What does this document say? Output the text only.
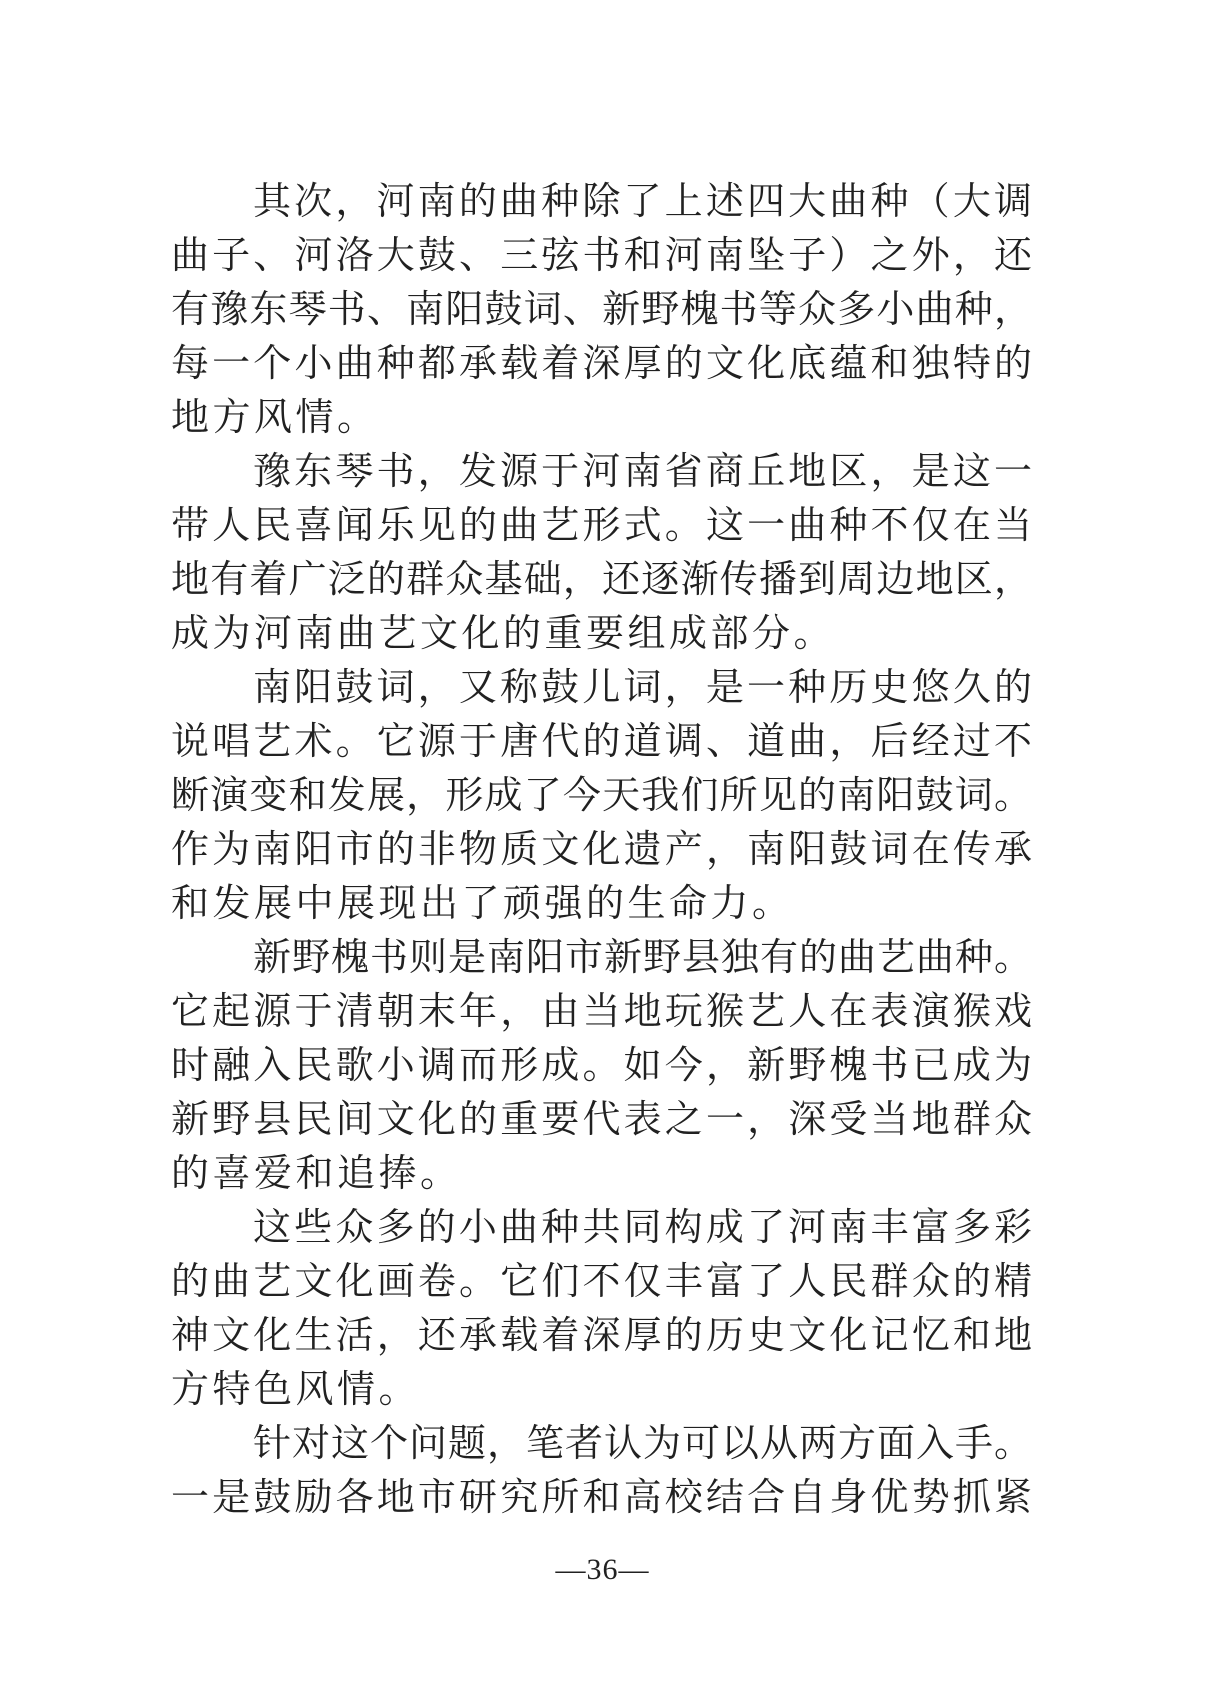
其次，河南的曲种除了上述四大曲种（大调
曲子、河洛大鼓、三弦书和河南坠子）之外，还
有豫东琴书、南阳鼓词、新野槐书等众多小曲种，
每一个小曲种都承载着深厚的文化底蕴和独特的
地方风情。
豫东琴书，发源于河南省商丘地区，是这一
带人民喜闻乐见的曲艺形式。这一曲种不仅在当
地有着广泛的群众基础，还逐渐传播到周边地区，
成为河南曲艺文化的重要组成部分。
南阳鼓词，又称鼓儿词，是一种历史悠久的
说唱艺术。它源于唐代的道调、道曲，后经过不
断演变和发展，形成了今天我们所见的南阳鼓词。
作为南阳市的非物质文化遗产，南阳鼓词在传承
和发展中展现出了顽强的生命力。
新野槐书则是南阳市新野县独有的曲艺曲种。
它起源于清朝末年，由当地玩猴艺人在表演猴戏
时融入民歌小调而形成。如今，新野槐书已成为
新野县民间文化的重要代表之一，深受当地群众
的喜爱和追捧。
这些众多的小曲种共同构成了河南丰富多彩
的曲艺文化画卷。它们不仅丰富了人民群众的精
神文化生活，还承载着深厚的历史文化记忆和地
方特色风情。
针对这个问题，笔者认为可以从两方面入手。
一是鼓励各地市研究所和高校结合自身优势抓紧
—36—
